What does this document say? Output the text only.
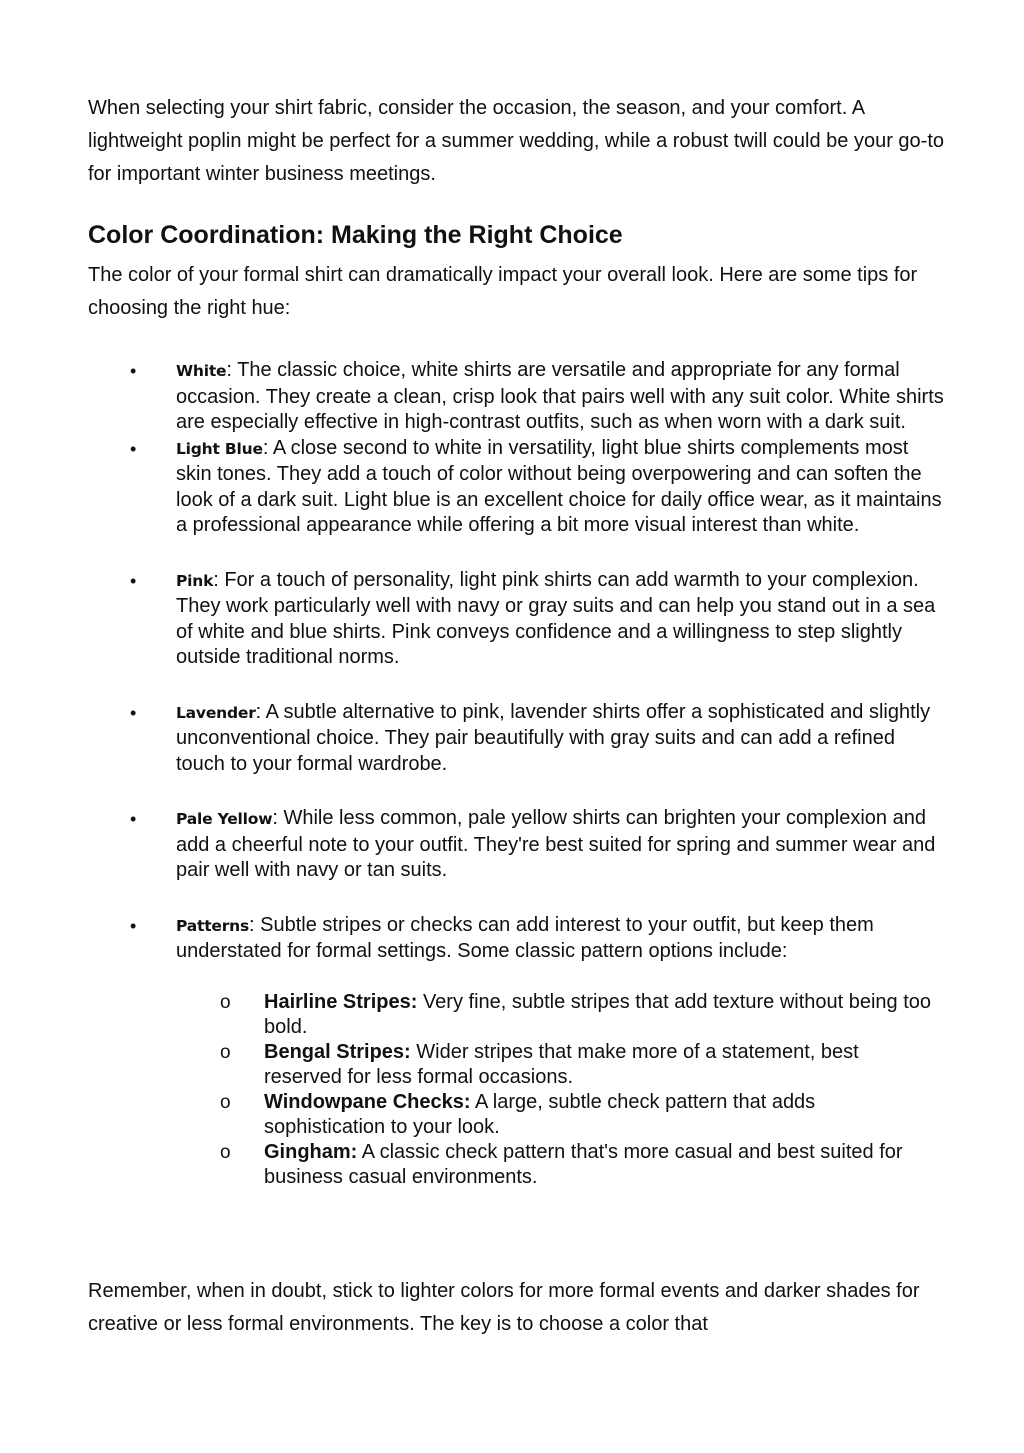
When selecting your shirt fabric, consider the occasion, the season, and your comfort. A lightweight poplin might be perfect for a summer wedding, while a robust twill could be your go-to for important winter business meetings.

Color Coordination: Making the Right Choice

The color of your formal shirt can dramatically impact your overall look. Here are some tips for choosing the right hue:

•	White: The classic choice, white shirts are versatile and appropriate for any formal occasion. They create a clean, crisp look that pairs well with any suit color. White shirts are especially effective in high-contrast outfits, such as when worn with a dark suit.
•	Light Blue: A close second to white in versatility, light blue shirts complements most skin tones. They add a touch of color without being overpowering and can soften the look of a dark suit. Light blue is an excellent choice for daily office wear, as it maintains a professional appearance while offering a bit more visual interest than white.
•	Pink: For a touch of personality, light pink shirts can add warmth to your complexion. They work particularly well with navy or gray suits and can help you stand out in a sea of white and blue shirts. Pink conveys confidence and a willingness to step slightly outside traditional norms.
•	Lavender: A subtle alternative to pink, lavender shirts offer a sophisticated and slightly unconventional choice. They pair beautifully with gray suits and can add a refined touch to your formal wardrobe.
•	Pale Yellow: While less common, pale yellow shirts can brighten your complexion and add a cheerful note to your outfit. They're best suited for spring and summer wear and pair well with navy or tan suits.
•	Patterns: Subtle stripes or checks can add interest to your outfit, but keep them understated for formal settings. Some classic pattern options include:
o Hairline Stripes: Very fine, subtle stripes that add texture without being too bold.
o Bengal Stripes: Wider stripes that make more of a statement, best reserved for less formal occasions.
o Windowpane Checks: A large, subtle check pattern that adds sophistication to your look.
o Gingham: A classic check pattern that's more casual and best suited for business casual environments.

Remember, when in doubt, stick to lighter colors for more formal events and darker shades for creative or less formal environments. The key is to choose a color that
